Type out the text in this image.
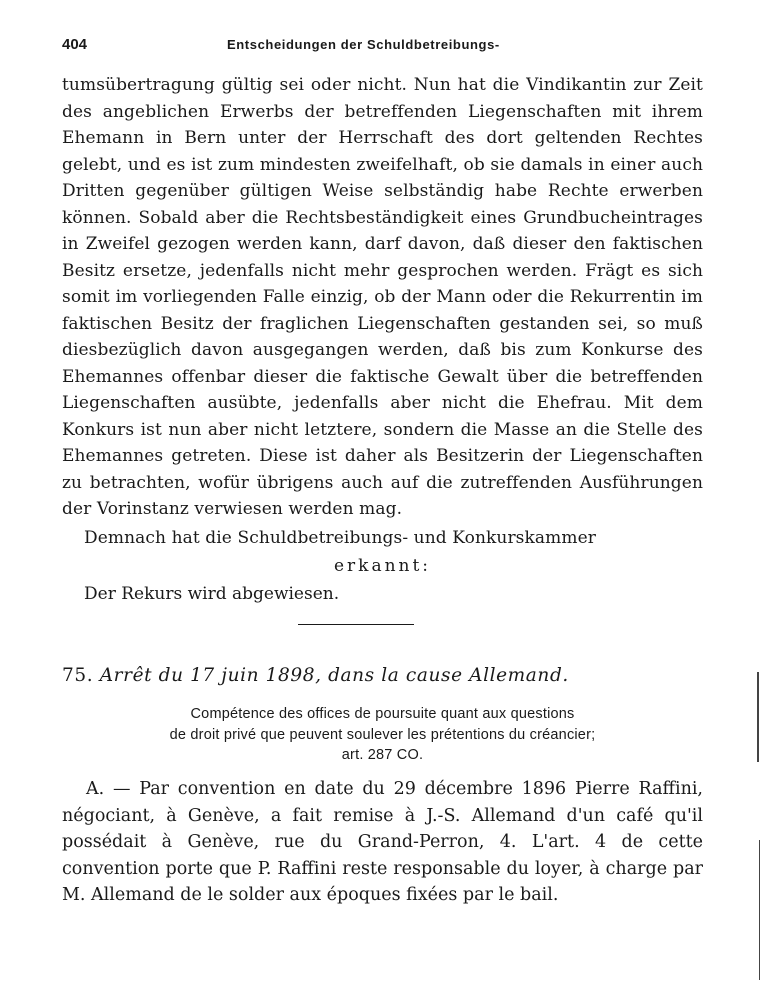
404	Entscheidungen der Schuldbetreibungs-

tumsübertragung gültig sei oder nicht. Nun hat die Vindikantin zur Zeit des angeblichen Erwerbs der betreffenden Liegenschaften mit ihrem Ehemann in Bern unter der Herrschaft des dort geltenden Rechtes gelebt, und es ist zum mindesten zweifelhaft, ob sie damals in einer auch Dritten gegenüber gültigen Weise selbständig habe Rechte erwerben können. Sobald aber die Rechtsbeständigkeit eines Grundbucheintrages in Zweifel gezogen werden kann, darf davon, daß dieser den faktischen Besitz ersetze, jedenfalls nicht mehr gesprochen werden. Frägt es sich somit im vorliegenden Falle einzig, ob der Mann oder die Rekurrentin im faktischen Besitz der fraglichen Liegenschaften gestanden sei, so muß diesbezüglich davon ausgegangen werden, daß bis zum Konkurse des Ehemannes offenbar dieser die faktische Gewalt über die betreffenden Liegenschaften ausübte, jedenfalls aber nicht die Ehefrau. Mit dem Konkurs ist nun aber nicht letztere, sondern die Masse an die Stelle des Ehemannes getreten. Diese ist daher als Besitzerin der Liegenschaften zu betrachten, wofür übrigens auch auf die zutreffenden Ausführungen der Vorinstanz verwiesen werden mag.

Demnach hat die Schuldbetreibungs- und Konkurskammer

erkannt:
Der Rekurs wird abgewiesen.
75. Arrêt du 17 juin 1898, dans la cause Allemand.
Compétence des offices de poursuite quant aux questions
de droit privé que peuvent soulever les prétentions du créancier;
art. 287 CO.

A. — Par convention en date du 29 décembre 1896 Pierre Raffini, négociant, à Genève, a fait remise à J.-S. Allemand d'un café qu'il possédait à Genève, rue du Grand-Perron, 4. L'art. 4 de cette convention porte que P. Raffini reste responsable du loyer, à charge par M. Allemand de le solder aux époques fixées par le bail.
